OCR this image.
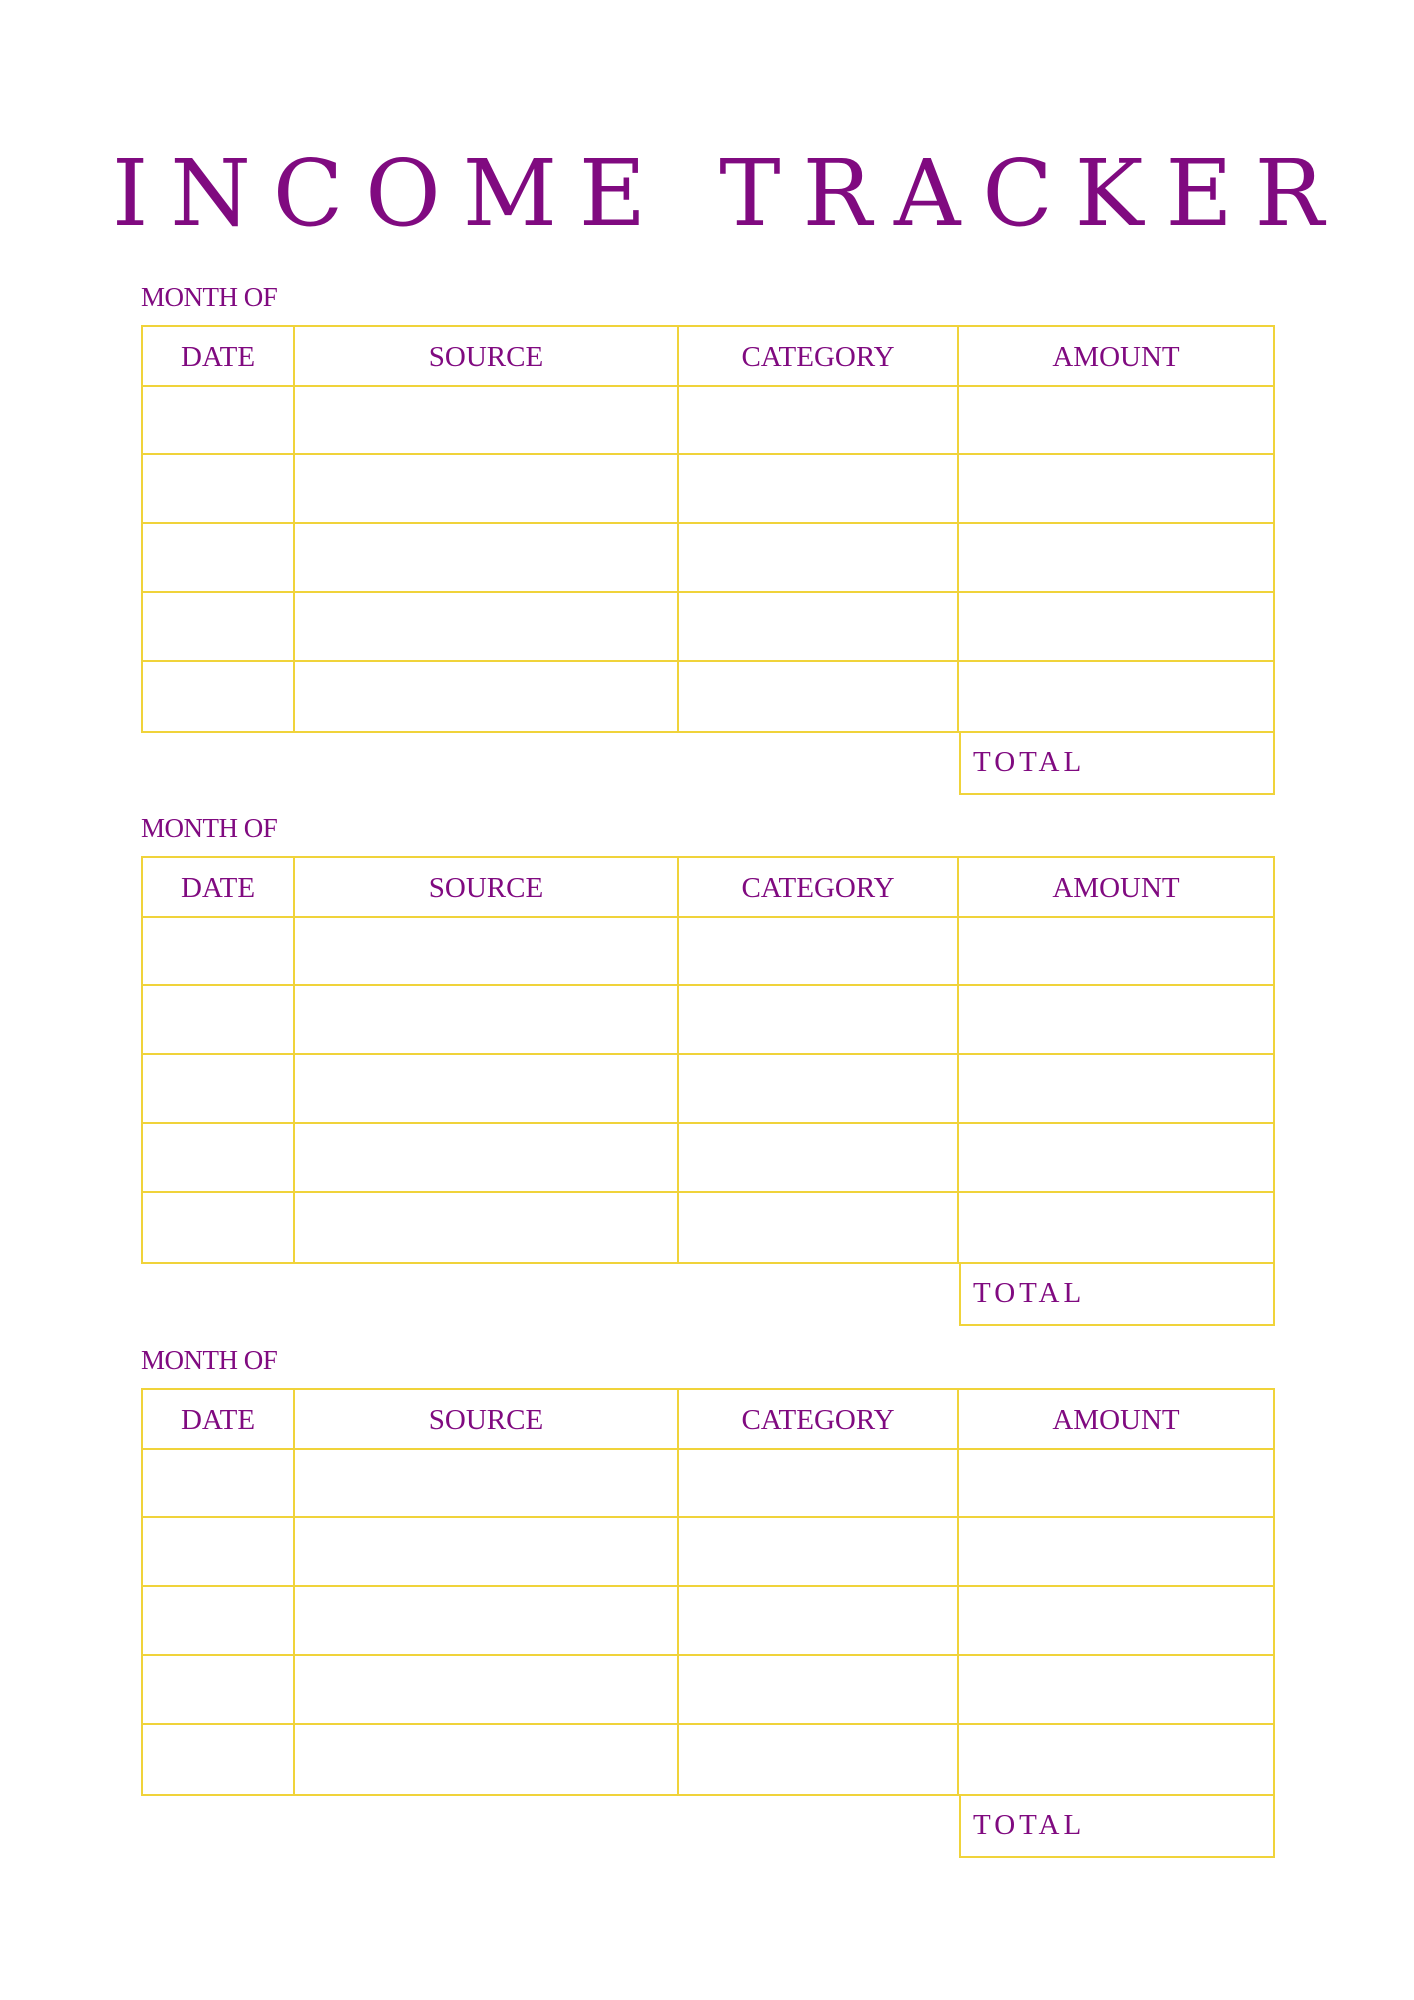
INCOME TRACKER
MONTH OF
DATE	SOURCE	CATEGORY	AMOUNT
TOTAL
MONTH OF
DATE	SOURCE	CATEGORY	AMOUNT
TOTAL
MONTH OF
DATE	SOURCE	CATEGORY	AMOUNT
TOTAL
